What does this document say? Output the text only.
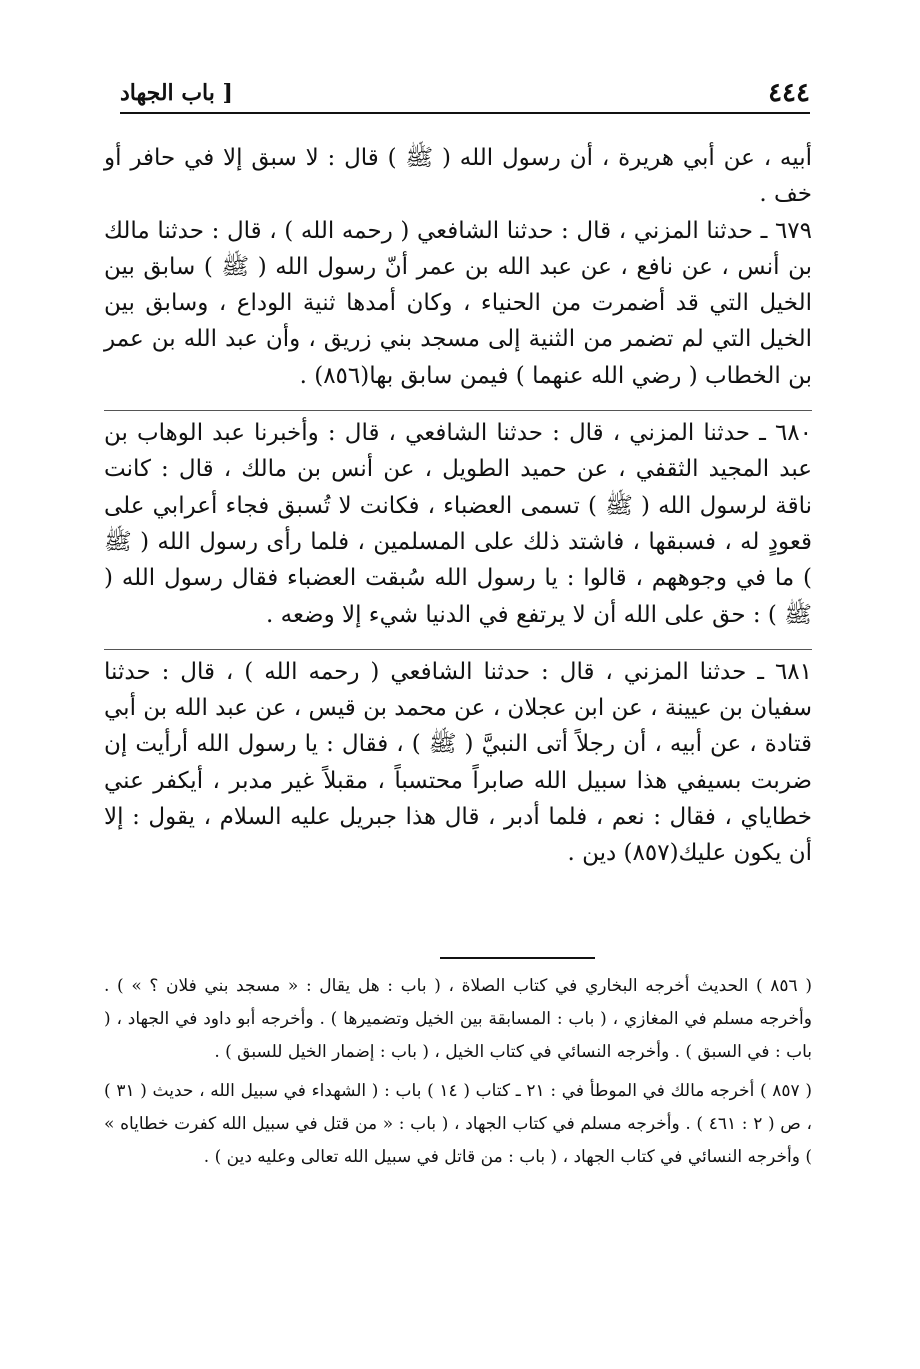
[ باب الجهاد	٤٤٤

أبيه ، عن أبي هريرة ، أن رسول الله ( ﷺ ) قال : لا سبق إلا في حافر أو خف .

٦٧٩ ـ حدثنا المزني ، قال : حدثنا الشافعي ( رحمه الله ) ، قال : حدثنا مالك بن أنس ، عن نافع ، عن عبد الله بن عمر أنّ رسول الله ( ﷺ ) سابق بين الخيل التي قد أضمرت من الحنياء ، وكان أمدها ثنية الوداع ، وسابق بين الخيل التي لم تضمر من الثنية إلى مسجد بني زريق ، وأن عبد الله بن عمر بن الخطاب ( رضي الله عنهما ) فيمن سابق بها(٨٥٦) .

٦٨٠ ـ حدثنا المزني ، قال : حدثنا الشافعي ، قال : وأخبرنا عبد الوهاب بن عبد المجيد الثقفي ، عن حميد الطويل ، عن أنس بن مالك ، قال : كانت ناقة لرسول الله ( ﷺ ) تسمى العضباء ، فكانت لا تُسبق فجاء أعرابي على قعودٍ له ، فسبقها ، فاشتد ذلك على المسلمين ، فلما رأى رسول الله ( ﷺ ) ما في وجوههم ، قالوا : يا رسول الله سُبقت العضباء فقال رسول الله ( ﷺ ) : حق على الله أن لا يرتفع في الدنيا شيء إلا وضعه .

٦٨١ ـ حدثنا المزني ، قال : حدثنا الشافعي ( رحمه الله ) ، قال : حدثنا سفيان بن عيينة ، عن ابن عجلان ، عن محمد بن قيس ، عن عبد الله بن أبي قتادة ، عن أبيه ، أن رجلاً أتى النبيَّ ( ﷺ ) ، فقال : يا رسول الله أرأيت إن ضربت بسيفي هذا سبيل الله صابراً محتسباً ، مقبلاً غير مدبر ، أيكفر عني خطاياي ، فقال : نعم ، فلما أدبر ، قال هذا جبريل عليه السلام ، يقول : إلا أن يكون عليك(٨٥٧) دين .

( ٨٥٦ ) الحديث أخرجه البخاري في كتاب الصلاة ، ( باب : هل يقال : « مسجد بني فلان ؟ » ) . وأخرجه مسلم في المغازي ، ( باب : المسابقة بين الخيل وتضميرها ) . وأخرجه أبو داود في الجهاد ، ( باب : في السبق ) . وأخرجه النسائي في كتاب الخيل ، ( باب : إضمار الخيل للسبق ) .

( ٨٥٧ ) أخرجه مالك في الموطأ في : ٢١ ـ كتاب ( ١٤ ) باب : ( الشهداء في سبيل الله ، حديث ( ٣١ ) ، ص ( ٢ : ٤٦١ ) . وأخرجه مسلم في كتاب الجهاد ، ( باب : « من قتل في سبيل الله كفرت خطاياه » ) وأخرجه النسائي في كتاب الجهاد ، ( باب : من قاتل في سبيل الله تعالى وعليه دين ) .
